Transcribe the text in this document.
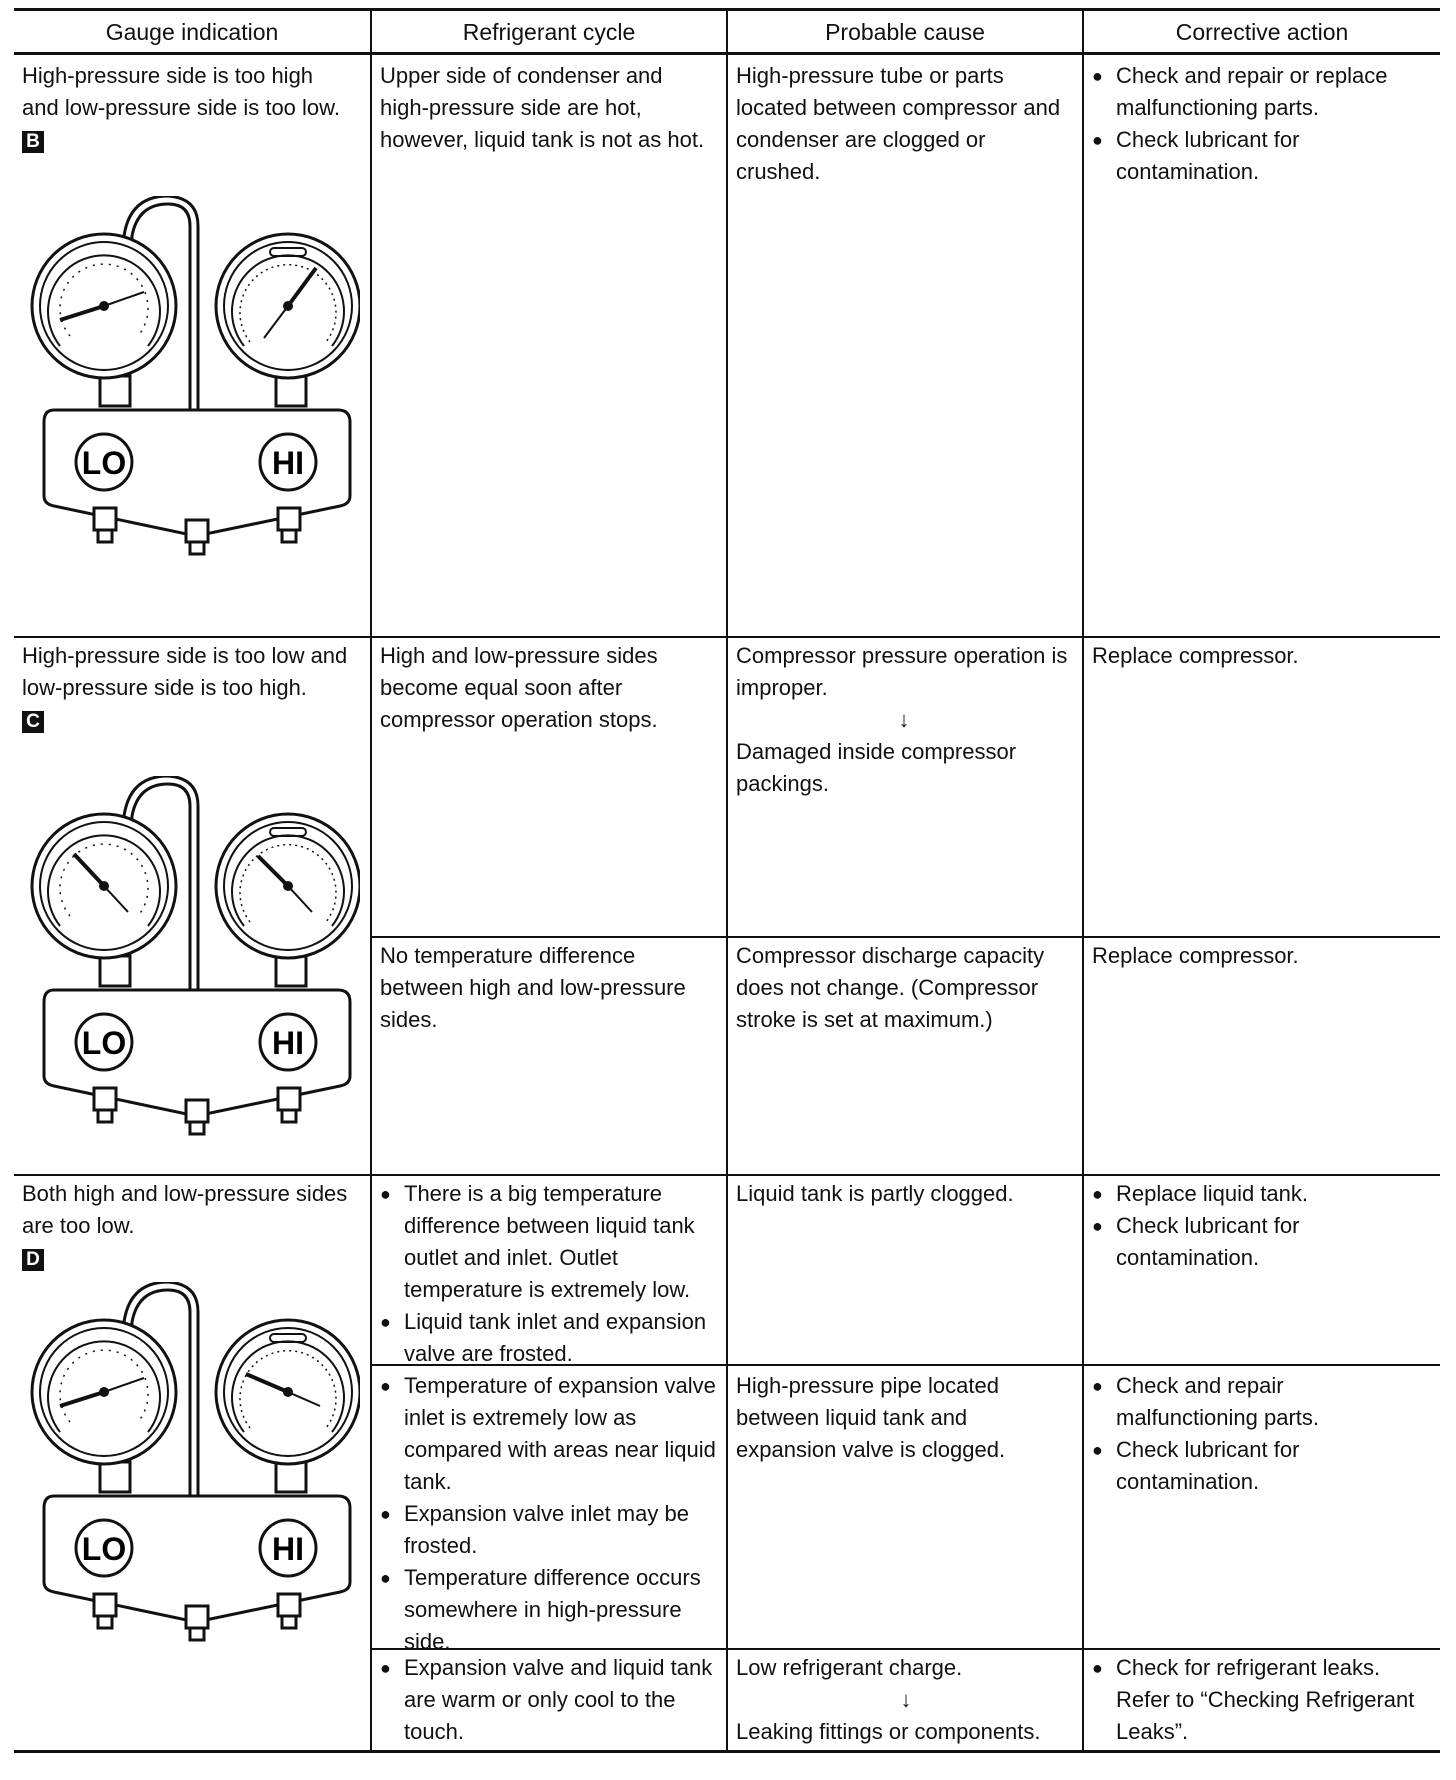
Gauge indication	Refrigerant cycle	Probable cause	Corrective action

High-pressure side is too high and low-pressure side is too low.

B
LO	HI
Upper side of condenser and high-pressure side are hot, however, liquid tank is not as hot.
High-pressure tube or parts located between compressor and condenser are clogged or crushed.
● Check and repair or replace malfunctioning parts.
● Check lubricant for contamination.

High-pressure side is too low and low-pressure side is too high.

C
LO	HI
High and low-pressure sides become equal soon after compressor operation stops.

Compressor pressure operation is improper.

↓

Damaged inside compressor packings.

Replace compressor.
No temperature difference between high and low-pressure sides.
Compressor discharge capacity does not change. (Compressor stroke is set at maximum.)
Replace compressor.

Both high and low-pressure sides are too low.

D
LO	HI
● There is a big temperature difference between liquid tank outlet and inlet. Outlet temperature is extremely low.
● Liquid tank inlet and expansion valve are frosted.
Liquid tank is partly clogged.
●	Replace liquid tank.
● Check lubricant for contamination.
● Temperature of expansion valve inlet is extremely low as compared with areas near liquid tank.
● Expansion valve inlet may be frosted.
● Temperature difference occurs somewhere in high-pressure side.
High-pressure pipe located between liquid tank and expansion valve is clogged.
● Check and repair malfunctioning parts.
● Check lubricant for contamination.
● Expansion valve and liquid tank are warm or only cool to the touch.

Low refrigerant charge.

↓

Leaking fittings or components.

● Check for refrigerant leaks. Refer to “Checking Refrigerant Leaks”.
